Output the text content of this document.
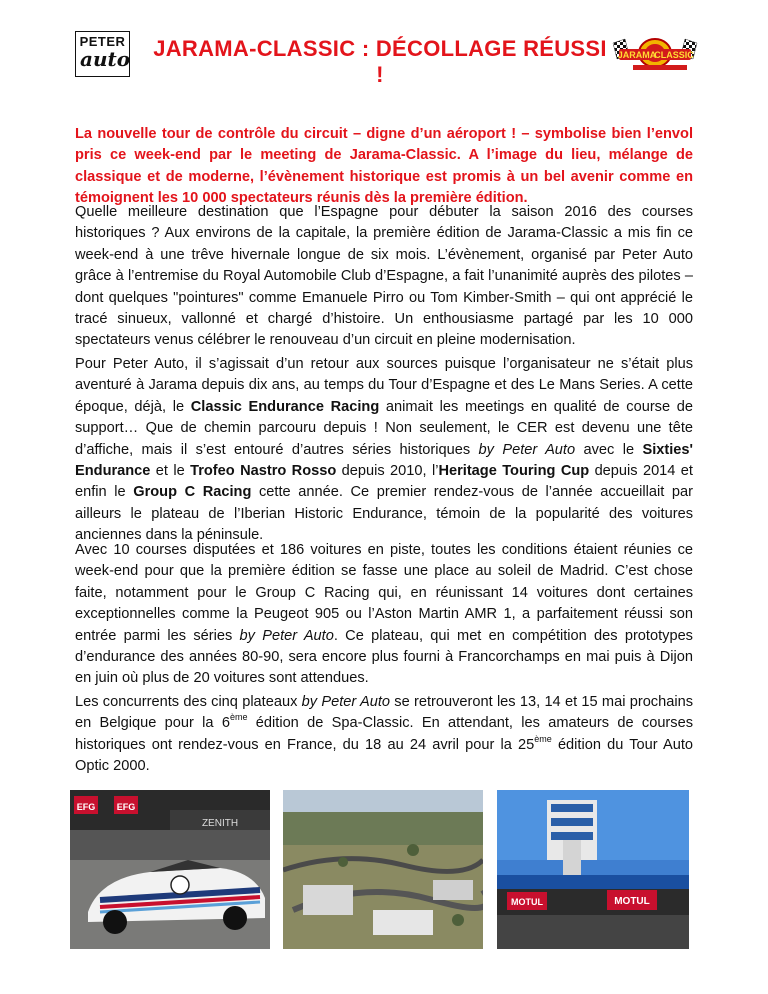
PETER
auto JARAMA-CLASSIC : DÉCOLLAGE RÉUSSI !
JARAMA
CLASSIC
La nouvelle tour de contrôle du circuit – digne d’un aéroport ! – symbolise bien l’envol pris ce week-end par le meeting de Jarama-Classic. A l’image du lieu, mélange de classique et de moderne, l’évènement historique est promis à un bel avenir comme en témoignent les 10 000 spectateurs réunis dès la première édition.
Quelle meilleure destination que l’Espagne pour débuter la saison 2016 des courses historiques ? Aux environs de la capitale, la première édition de Jarama-Classic a mis fin ce week-end à une trêve hivernale longue de six mois. L’évènement, organisé par Peter Auto grâce à l’entremise du Royal Automobile Club d’Espagne, a fait l’unanimité auprès des pilotes – dont quelques "pointures" comme Emanuele Pirro ou Tom Kimber-Smith – qui ont apprécié le tracé sinueux, vallonné et chargé d’histoire. Un enthousiasme partagé par les 10 000 spectateurs venus célébrer le renouveau d’un circuit en pleine modernisation.
Pour Peter Auto, il s’agissait d’un retour aux sources puisque l’organisateur ne s’était plus aventuré à Jarama depuis dix ans, au temps du Tour d’Espagne et des Le Mans Series. A cette époque, déjà, le Classic Endurance Racing animait les meetings en qualité de course de support… Que de chemin parcouru depuis ! Non seulement, le CER est devenu une tête d’affiche, mais il s’est entouré d’autres séries historiques by Peter Auto avec le Sixties' Endurance et le Trofeo Nastro Rosso depuis 2010, l’Heritage Touring Cup depuis 2014 et enfin le Group C Racing cette année. Ce premier rendez-vous de l’année accueillait par ailleurs le plateau de l’Iberian Historic Endurance, témoin de la popularité des voitures anciennes dans la péninsule.
Avec 10 courses disputées et 186 voitures en piste, toutes les conditions étaient réunies ce week-end pour que la première édition se fasse une place au soleil de Madrid. C’est chose faite, notamment pour le Group C Racing qui, en réunissant 14 voitures dont certaines exceptionnelles comme la Peugeot 905 ou l’Aston Martin AMR 1, a parfaitement réussi son entrée parmi les séries by Peter Auto. Ce plateau, qui met en compétition des prototypes d’endurance des années 80-90, sera encore plus fourni à Francorchamps en mai puis à Dijon en juin où plus de 20 voitures sont attendues.
Les concurrents des cinq plateaux by Peter Auto se retrouveront les 13, 14 et 15 mai prochains en Belgique pour la 6ème édition de Spa-Classic. En attendant, les amateurs de courses historiques ont rendez-vous en France, du 18 au 24 avril pour la 25ème édition du Tour Auto Optic 2000.
EFG EFG
ZENITH
MOTUL	MOTUL
